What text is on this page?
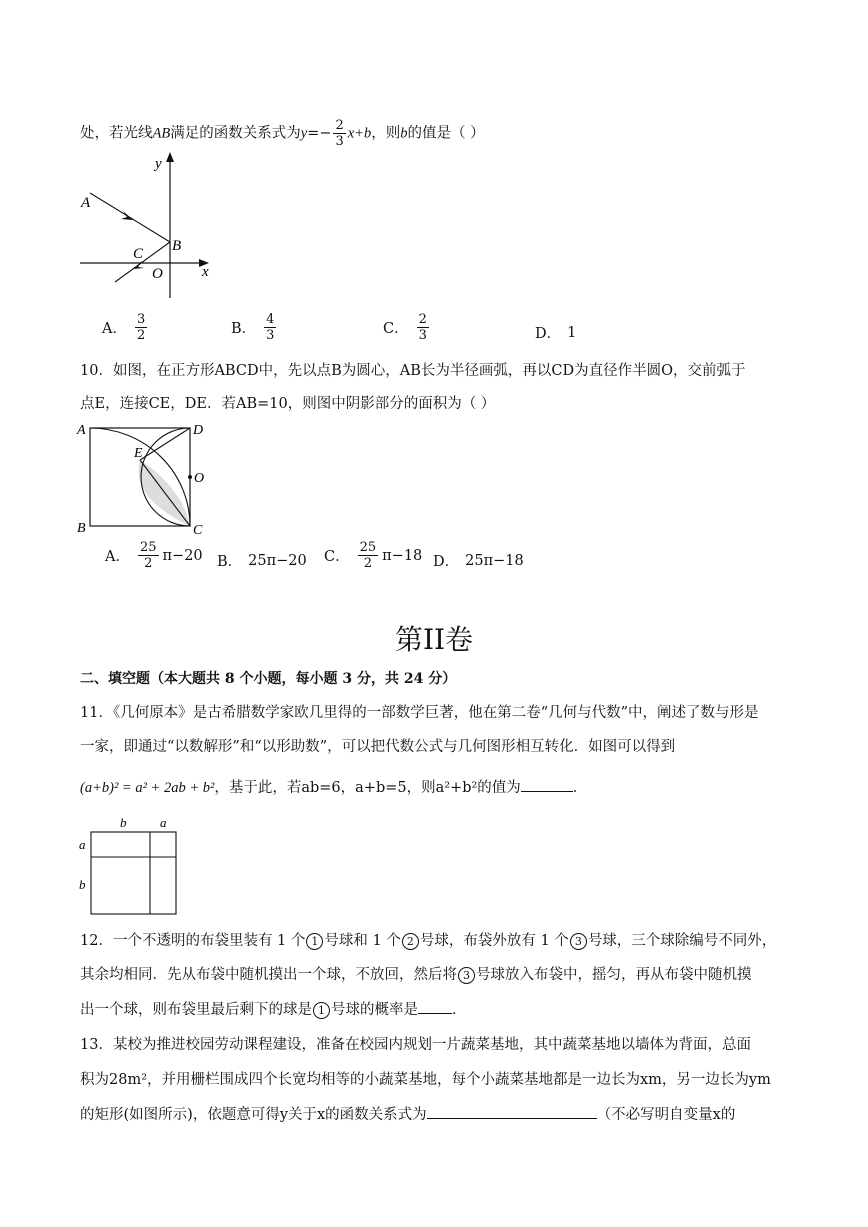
处，若光线AB满足的函数关系式为$y=- \frac{2}{3} x+b$，则b的值是（ ）
y
x
A
B
C
O
A． $\frac{3}{2}$	B． $\frac{4}{3}$	C． $\frac{2}{3}$	D． 1
10．如图，在正方形ABCD中，先以点B为圆心，AB长为半径画弧，再以CD为直径作半圆O，交前弧于
点E，连接CE，DE．若AB=10，则图中阴影部分的面积为（ ）
A	D
E
O
B	C
A． $\frac{25}{2} \pi-20$ B． 25π−20 C． $\frac{25}{2} \pi-18$ D． 25π−18
第II卷
二、填空题（本大题共 8 个小题，每小题 3 分，共 24 分）
11．《几何原本》是古希腊数学家欧几里得的一部数学巨著，他在第二卷“几何与代数”中，阐述了数与形是
一家，即通过“以数解形”和“以形助数”，可以把代数公式与几何图形相互转化．如图可以得到
(a+b)² = a² + 2ab + b²，基于此，若ab=6，a+b=5，则a²+b²的值为	．
b	a
a
b
12．一个不透明的布袋里装有 1 个 1 号球和 1 个 2 号球，布袋外放有 1 个 3 号球，三个球除编号不同外，
其余均相同．先从布袋中随机摸出一个球，不放回，然后将 3 号球放入布袋中，摇匀，再从布袋中随机摸
出一个球，则布袋里最后剩下的球是 1 号球的概率是 ．
13．某校为推进校园劳动课程建设，准备在校园内规划一片蔬菜基地，其中蔬菜基地以墙体为背面，总面
积为28m²，并用栅栏围成四个长宽均相等的小蔬菜基地，每个小蔬菜基地都是一边长为xm，另一边长为ym
的矩形(如图所示)，依题意可得y关于x的函数关系式为	（不必写明自变量x的
